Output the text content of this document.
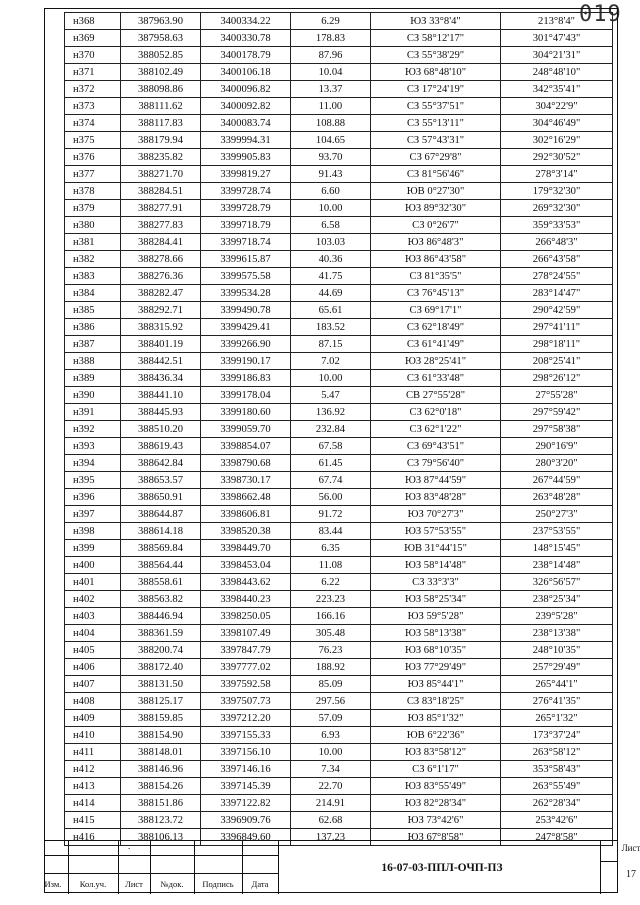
019
н368	387963.90	3400334.22	6.29	ЮЗ 33°8'4"	213°8'4"
н369	387958.63	3400330.78	178.83	СЗ 58°12'17"	301°47'43"
н370	388052.85	3400178.79	87.96	СЗ 55°38'29"	304°21'31"
н371	388102.49	3400106.18	10.04	ЮЗ 68°48'10"	248°48'10"
н372	388098.86	3400096.82	13.37	СЗ 17°24'19"	342°35'41"
н373	388111.62	3400092.82	11.00	СЗ 55°37'51"	304°22'9"
н374	388117.83	3400083.74	108.88	СЗ 55°13'11"	304°46'49"
н375	388179.94	3399994.31	104.65	СЗ 57°43'31"	302°16'29"
н376	388235.82	3399905.83	93.70	СЗ 67°29'8"	292°30'52"
н377	388271.70	3399819.27	91.43	СЗ 81°56'46"	278°3'14"
н378	388284.51	3399728.74	6.60	ЮВ 0°27'30"	179°32'30"
н379	388277.91	3399728.79	10.00	ЮЗ 89°32'30"	269°32'30"
н380	388277.83	3399718.79	6.58	СЗ 0°26'7"	359°33'53"
н381	388284.41	3399718.74	103.03	ЮЗ 86°48'3"	266°48'3"
н382	388278.66	3399615.87	40.36	ЮЗ 86°43'58"	266°43'58"
н383	388276.36	3399575.58	41.75	СЗ 81°35'5"	278°24'55"
н384	388282.47	3399534.28	44.69	СЗ 76°45'13"	283°14'47"
н385	388292.71	3399490.78	65.61	СЗ 69°17'1"	290°42'59"
н386	388315.92	3399429.41	183.52	СЗ 62°18'49"	297°41'11"
н387	388401.19	3399266.90	87.15	СЗ 61°41'49"	298°18'11"
н388	388442.51	3399190.17	7.02	ЮЗ 28°25'41"	208°25'41"
н389	388436.34	3399186.83	10.00	СЗ 61°33'48"	298°26'12"
н390	388441.10	3399178.04	5.47	СВ 27°55'28"	27°55'28"
н391	388445.93	3399180.60	136.92	СЗ 62°0'18"	297°59'42"
н392	388510.20	3399059.70	232.84	СЗ 62°1'22"	297°58'38"
н393	388619.43	3398854.07	67.58	СЗ 69°43'51"	290°16'9"
н394	388642.84	3398790.68	61.45	СЗ 79°56'40"	280°3'20"
н395	388653.57	3398730.17	67.74	ЮЗ 87°44'59"	267°44'59"
н396	388650.91	3398662.48	56.00	ЮЗ 83°48'28"	263°48'28"
н397	388644.87	3398606.81	91.72	ЮЗ 70°27'3"	250°27'3"
н398	388614.18	3398520.38	83.44	ЮЗ 57°53'55"	237°53'55"
н399	388569.84	3398449.70	6.35	ЮВ 31°44'15"	148°15'45"
н400	388564.44	3398453.04	11.08	ЮЗ 58°14'48"	238°14'48"
н401	388558.61	3398443.62	6.22	СЗ 33°3'3"	326°56'57"
н402	388563.82	3398440.23	223.23	ЮЗ 58°25'34"	238°25'34"
н403	388446.94	3398250.05	166.16	ЮЗ 59°5'28"	239°5'28"
н404	388361.59	3398107.49	305.48	ЮЗ 58°13'38"	238°13'38"
н405	388200.74	3397847.79	76.23	ЮЗ 68°10'35"	248°10'35"
н406	388172.40	3397777.02	188.92	ЮЗ 77°29'49"	257°29'49"
н407	388131.50	3397592.58	85.09	ЮЗ 85°44'1"	265°44'1"
н408	388125.17	3397507.73	297.56	СЗ 83°18'25"	276°41'35"
н409	388159.85	3397212.20	57.09	ЮЗ 85°1'32"	265°1'32"
н410	388154.90	3397155.33	6.93	ЮВ 6°22'36"	173°37'24"
н411	388148.01	3397156.10	10.00	ЮЗ 83°58'12"	263°58'12"
н412	388146.96	3397146.16	7.34	СЗ 6°1'17"	353°58'43"
н413	388154.26	3397145.39	22.70	ЮЗ 83°55'49"	263°55'49"
н414	388151.86	3397122.82	214.91	ЮЗ 82°28'34"	262°28'34"
н415	388123.72	3396909.76	62.68	ЮЗ 73°42'6"	253°42'6"
н416	388106.13	3396849.60	137.23	ЮЗ 67°8'58"	247°8'58"
.
Изм.	Кол.уч.	Лист	№док.	Подпись	Дата
16-07-03-ППЛ-ОЧП-ПЗ
Лист
17
